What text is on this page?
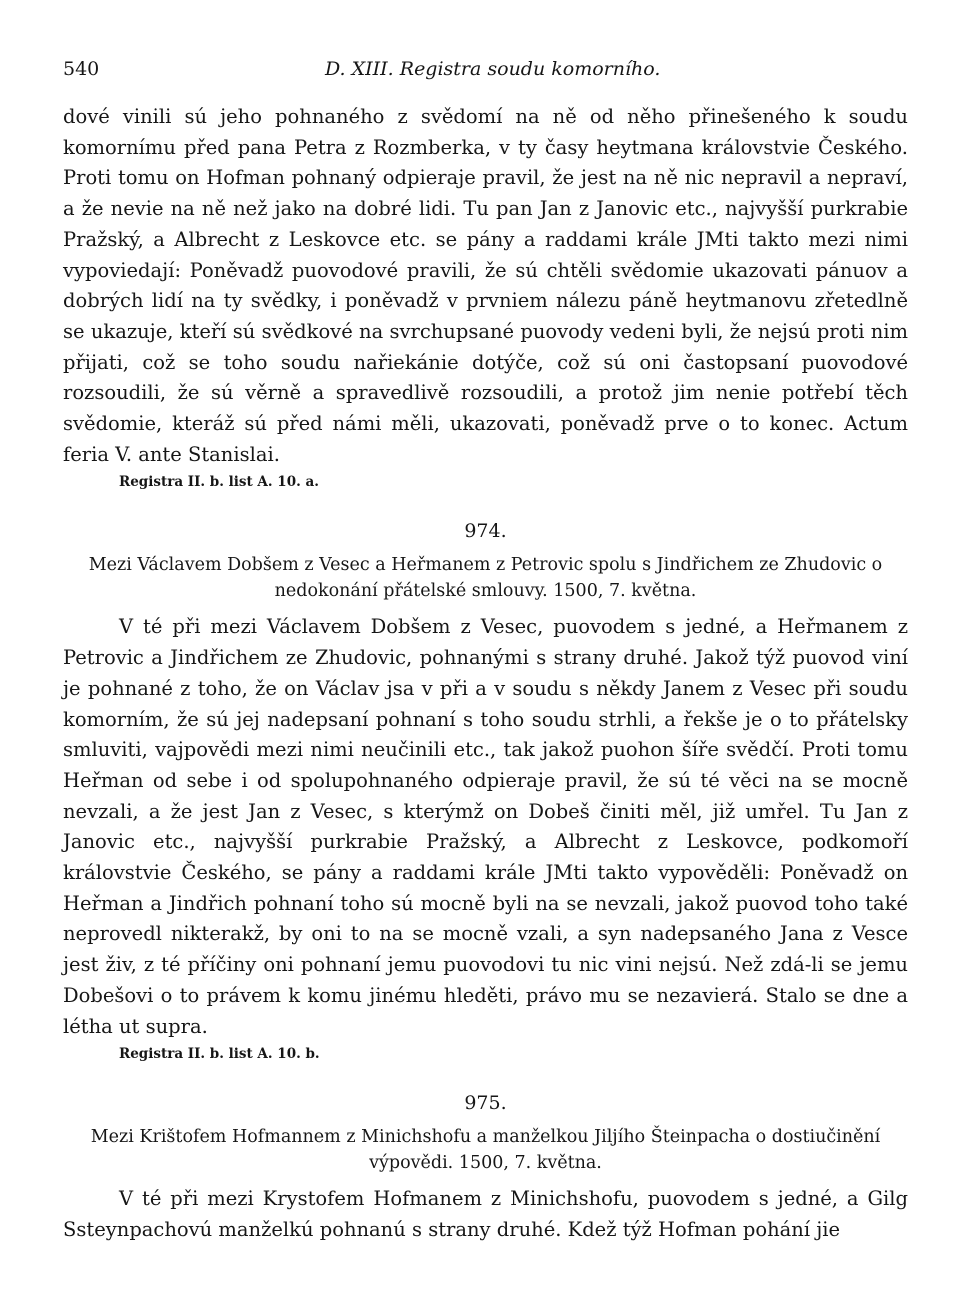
540	D. XIII. Registra soudu komorního.

dové vinili sú jeho pohnaného z svědomí na ně od něho přinešeného k soudu komornímu před pana Petra z Rozmberka, v ty časy heytmana královstvie Českého. Proti tomu on Hofman pohnaný odpieraje pravil, že jest na ně nic nepravil a nepraví, a že nevie na ně než jako na dobré lidi. Tu pan Jan z Janovic etc., najvyšší purkrabie Pražský, a Albrecht z Leskovce etc. se pány a raddami krále JMti takto mezi nimi vypoviedají: Poněvadž puovodové pravili, že sú chtěli svědomie ukazovati pánuov a dobrých lidí na ty svědky, i poněvadž v prvniem nálezu páně heytmanovu zřetedlně se ukazuje, kteří sú svědkové na svrchupsané puovody vedeni byli, že nejsú proti nim přijati, což se toho soudu nařiekánie dotýče, což sú oni častopsaní puovodové rozsoudili, že sú věrně a spravedlivě rozsoudili, a protož jim nenie potřebí těch svědomie, kteráž sú před námi měli, ukazovati, poněvadž prve o to konec. Actum feria V. ante Stanislai.

Registra II. b. list A. 10. a.
974.
Mezi Václavem Dobšem z Vesec a Heřmanem z Petrovic spolu s Jindřichem ze Zhudovic o nedokonání přátelské smlouvy. 1500, 7. května.

V té při mezi Václavem Dobšem z Vesec, puovodem s jedné, a Heřmanem z Petrovic a Jindřichem ze Zhudovic, pohnanými s strany druhé. Jakož týž puovod viní je pohnané z toho, že on Václav jsa v při a v soudu s někdy Janem z Vesec při soudu komorním, že sú jej nadepsaní pohnaní s toho soudu strhli, a řekše je o to přátelsky smluviti, vajpovědi mezi nimi neučinili etc., tak jakož puohon šíře svědčí. Proti tomu Heřman od sebe i od spolupohnaného odpieraje pravil, že sú té věci na se mocně nevzali, a že jest Jan z Vesec, s kterýmž on Dobeš činiti měl, již umřel. Tu Jan z Janovic etc., najvyšší purkrabie Pražský, a Albrecht z Leskovce, podkomoří královstvie Českého, se pány a raddami krále JMti takto vypověděli: Poněvadž on Heřman a Jindřich pohnaní toho sú mocně byli na se nevzali, jakož puovod toho také neprovedl nikterakž, by oni to na se mocně vzali, a syn nadepsaného Jana z Vesce jest živ, z té příčiny oni pohnaní jemu puovodovi tu nic vini nejsú. Než zdá-li se jemu Dobešovi o to právem k komu jinému hleděti, právo mu se nezavierá. Stalo se dne a létha ut supra.

Registra II. b. list A. 10. b.
975.
Mezi Krištofem Hofmannem z Minichshofu a manželkou Jiljího Šteinpacha o dostiučinění výpovědi. 1500, 7. května.

V té při mezi Krystofem Hofmanem z Minichshofu, puovodem s jedné, a Gilg Ssteynpachovú manželkú pohnanú s strany druhé. Kdež týž Hofman pohání jie
